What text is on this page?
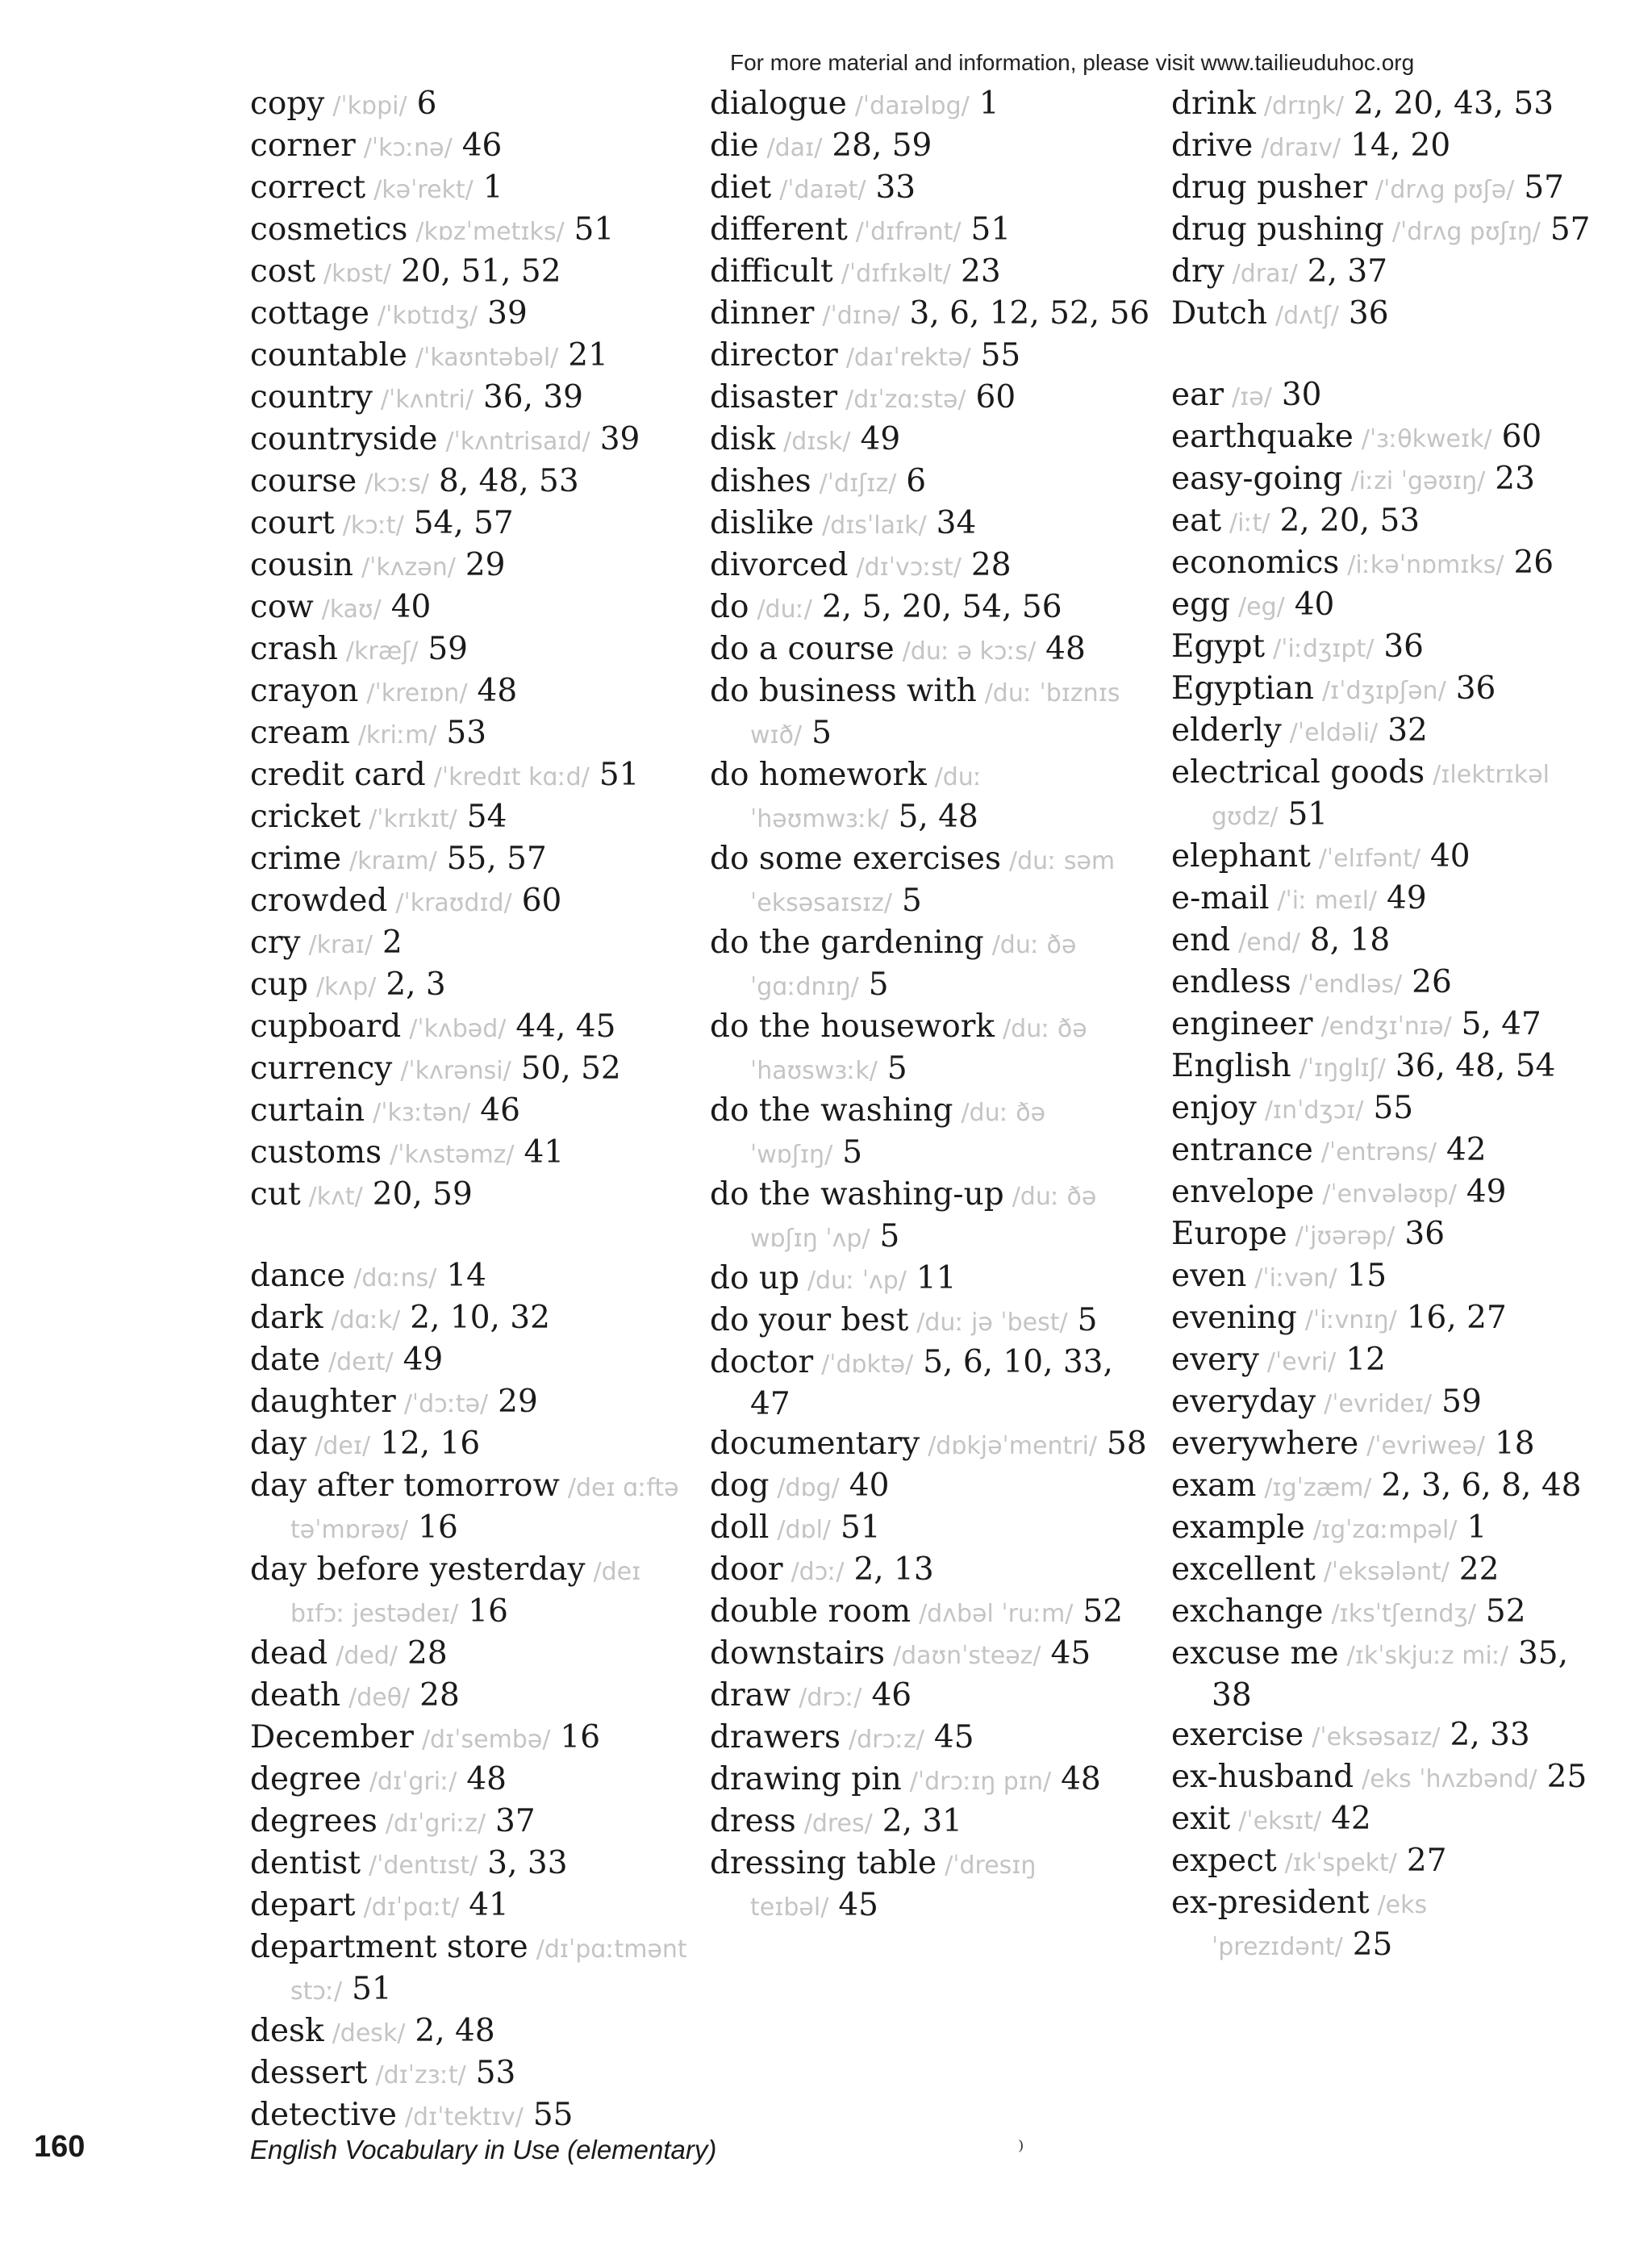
For more material and information, please visit www.tailieuduhoc.org
copy /ˈkɒpi/ 6
corner /ˈkɔːnə/ 46
correct /kəˈrekt/ 1
cosmetics /kɒzˈmetɪks/ 51
cost /kɒst/ 20, 51, 52
cottage /ˈkɒtɪdʒ/ 39
countable /ˈkaʊntəbəl/ 21
country /ˈkʌntri/ 36, 39
countryside /ˈkʌntrisaɪd/ 39
course /kɔːs/ 8, 48, 53
court /kɔːt/ 54, 57
cousin /ˈkʌzən/ 29
cow /kaʊ/ 40
crash /kræʃ/ 59
crayon /ˈkreɪɒn/ 48
cream /kriːm/ 53
credit card /ˈkredɪt kɑːd/ 51
cricket /ˈkrɪkɪt/ 54
crime /kraɪm/ 55, 57
crowded /ˈkraʊdɪd/ 60
cry /kraɪ/ 2
cup /kʌp/ 2, 3
cupboard /ˈkʌbəd/ 44, 45
currency /ˈkʌrənsi/ 50, 52
curtain /ˈkɜːtən/ 46
customs /ˈkʌstəmz/ 41
cut /kʌt/ 20, 59
dance /dɑːns/ 14
dark /dɑːk/ 2, 10, 32
date /deɪt/ 49
daughter /ˈdɔːtə/ 29
day /deɪ/ 12, 16
day after tomorrow /deɪ ɑːftə təˈmɒrəʊ/ 16
day before yesterday /deɪ bɪfɔː jestədeɪ/ 16
dead /ded/ 28
death /deθ/ 28
December /dɪˈsembə/ 16
degree /dɪˈgriː/ 48
degrees /dɪˈgriːz/ 37
dentist /ˈdentɪst/ 3, 33
depart /dɪˈpɑːt/ 41
department store /dɪˈpɑːtmənt stɔː/ 51
desk /desk/ 2, 48
dessert /dɪˈzɜːt/ 53
detective /dɪˈtektɪv/ 55
dialogue /ˈdaɪəlɒg/ 1
die /daɪ/ 28, 59
diet /ˈdaɪət/ 33
different /ˈdɪfrənt/ 51
difficult /ˈdɪfɪkəlt/ 23
dinner /ˈdɪnə/ 3, 6, 12, 52, 56
director /daɪˈrektə/ 55
disaster /dɪˈzɑːstə/ 60
disk /dɪsk/ 49
dishes /ˈdɪʃɪz/ 6
dislike /dɪsˈlaɪk/ 34
divorced /dɪˈvɔːst/ 28
do /duː/ 2, 5, 20, 54, 56
do a course /duː ə kɔːs/ 48
do business with /duː ˈbɪznɪs wɪð/ 5
do homework /duː ˈhəʊmwɜːk/ 5, 48
do some exercises /duː səm ˈeksəsaɪsɪz/ 5
do the gardening /duː ðə ˈgɑːdnɪŋ/ 5
do the housework /duː ðə ˈhaʊswɜːk/ 5
do the washing /duː ðə ˈwɒʃɪŋ/ 5
do the washing-up /duː ðə wɒʃɪŋ ˈʌp/ 5
do up /duː ˈʌp/ 11
do your best /duː jə ˈbest/ 5
doctor /ˈdɒktə/ 5, 6, 10, 33, 47
documentary /dɒkjəˈmentri/ 58
dog /dɒg/ 40
doll /dɒl/ 51
door /dɔː/ 2, 13
double room /dʌbəl ˈruːm/ 52
downstairs /daʊnˈsteəz/ 45
draw /drɔː/ 46
drawers /drɔːz/ 45
drawing pin /ˈdrɔːɪŋ pɪn/ 48
dress /dres/ 2, 31
dressing table /ˈdresɪŋ teɪbəl/ 45
drink /drɪŋk/ 2, 20, 43, 53
drive /draɪv/ 14, 20
drug pusher /ˈdrʌg pʊʃə/ 57
drug pushing /ˈdrʌg pʊʃɪŋ/ 57
dry /draɪ/ 2, 37
Dutch /dʌtʃ/ 36
ear /ɪə/ 30
earthquake /ˈɜːθkweɪk/ 60
easy-going /iːzi ˈgəʊɪŋ/ 23
eat /iːt/ 2, 20, 53
economics /iːkəˈnɒmɪks/ 26
egg /eg/ 40
Egypt /ˈiːdʒɪpt/ 36
Egyptian /ɪˈdʒɪpʃən/ 36
elderly /ˈeldəli/ 32
electrical goods /ɪlektrɪkəl gʊdz/ 51
elephant /ˈelɪfənt/ 40
e-mail /ˈiː meɪl/ 49
end /end/ 8, 18
endless /ˈendləs/ 26
engineer /endʒɪˈnɪə/ 5, 47
English /ˈɪŋglɪʃ/ 36, 48, 54
enjoy /ɪnˈdʒɔɪ/ 55
entrance /ˈentrəns/ 42
envelope /ˈenvələʊp/ 49
Europe /ˈjʊərəp/ 36
even /ˈiːvən/ 15
evening /ˈiːvnɪŋ/ 16, 27
every /ˈevri/ 12
everyday /ˈevrideɪ/ 59
everywhere /ˈevriweə/ 18
exam /ɪgˈzæm/ 2, 3, 6, 8, 48
example /ɪgˈzɑːmpəl/ 1
excellent /ˈeksələnt/ 22
exchange /ɪksˈtʃeɪndʒ/ 52
excuse me /ɪkˈskjuːz miː/ 35, 38
exercise /ˈeksəsaɪz/ 2, 33
ex-husband /eks ˈhʌzbənd/ 25
exit /ˈeksɪt/ 42
expect /ɪkˈspekt/ 27
ex-president /eks ˈprezɪdənt/ 25
160	English Vocabulary in Use (elementary)	⁾
